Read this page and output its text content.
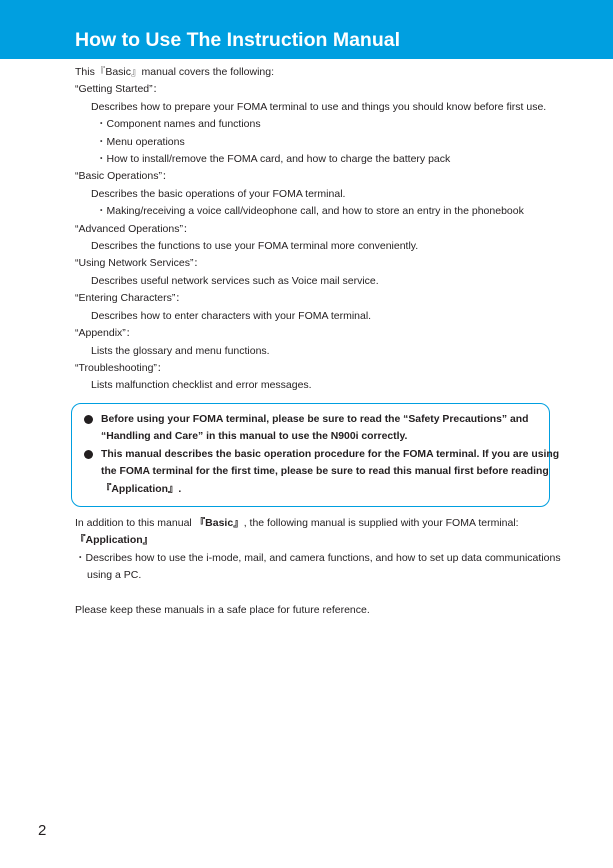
How to Use The Instruction Manual
This『Basic』manual covers the following:
“Getting Started”：
Describes how to prepare your FOMA terminal to use and things you should know before first use.
・Component names and functions
・Menu operations
・How to install/remove the FOMA card, and how to charge the battery pack
“Basic Operations”：
Describes the basic operations of your FOMA terminal.
・Making/receiving a voice call/videophone call, and how to store an entry in the phonebook
“Advanced Operations”：
Describes the functions to use your FOMA terminal more conveniently.
“Using Network Services”：
Describes useful network services such as Voice mail service.
“Entering Characters”：
Describes how to enter characters with your FOMA terminal.
“Appendix”：
Lists the glossary and menu functions.
“Troubleshooting”：
Lists malfunction checklist and error messages.
Before using your FOMA terminal, please be sure to read the “Safety Precautions” and
“Handling and Care” in this manual to use the N900i correctly.
This manual describes the basic operation procedure for the FOMA terminal. If you are using
the FOMA terminal for the first time, please be sure to read this manual first before reading
『Application』.
In addition to this manual 『Basic』, the following manual is supplied with your FOMA terminal:
『Application』
・Describes how to use the i-mode, mail, and camera functions, and how to set up data communications
using a PC.
Please keep these manuals in a safe place for future reference.
2
